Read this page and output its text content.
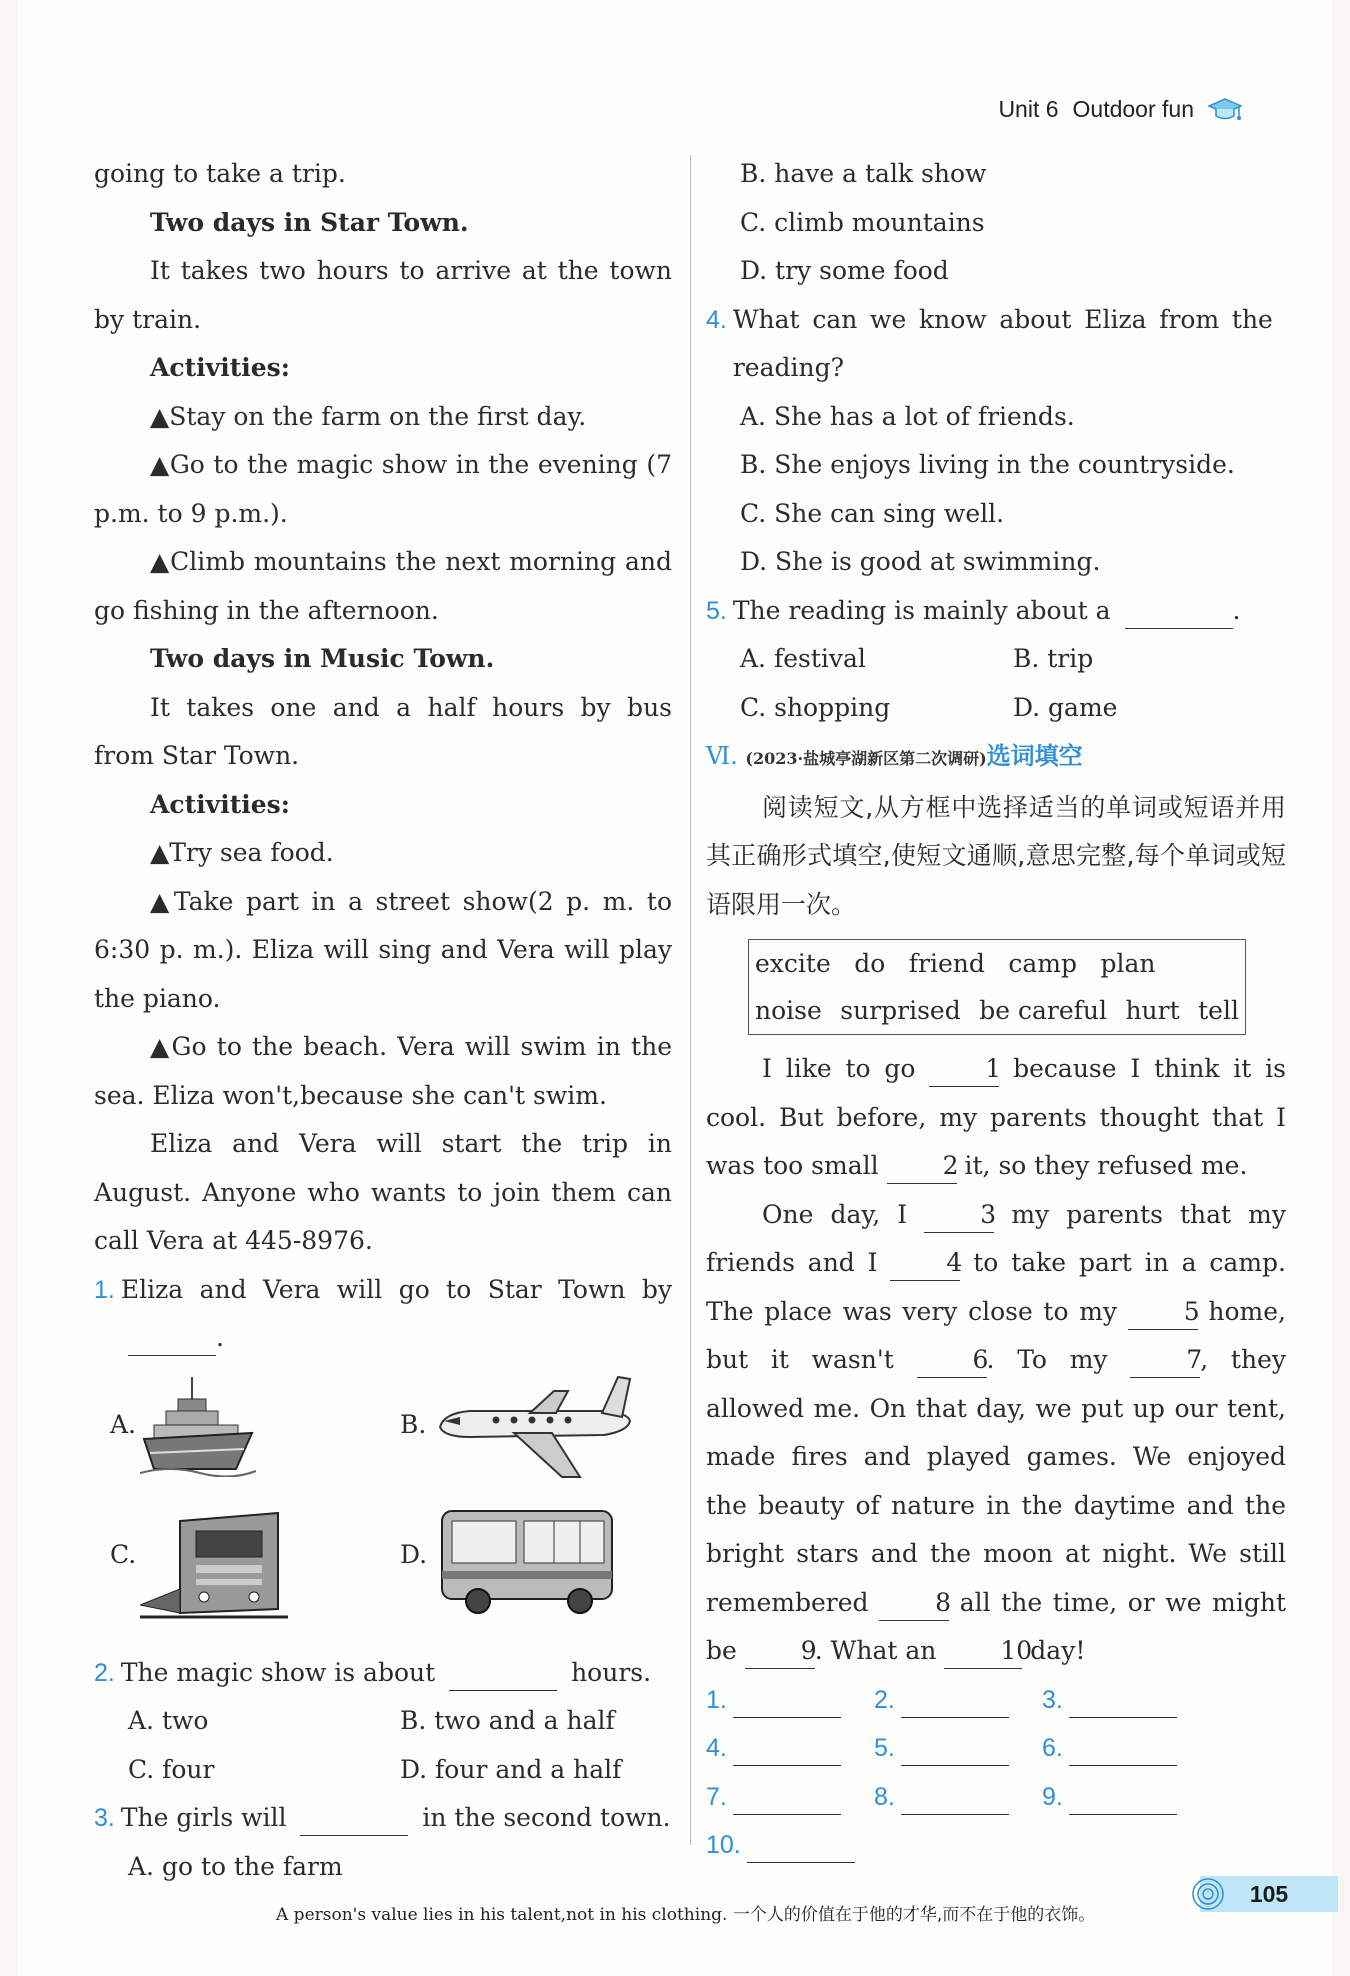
Unit 6 Outdoor fun

going to take a trip.

Two days in Star Town.

It takes two hours to arrive at the town by train.

Activities:

▲Stay on the farm on the first day.

▲Go to the magic show in the evening (7 p.m. to 9 p.m.).

▲Climb mountains the next morning and go fishing in the afternoon.

Two days in Music Town.

It takes one and a half hours by bus from Star Town.

Activities:

▲Try sea food.

▲Take part in a street show(2 p. m. to 6:30 p. m.). Eliza will sing and Vera will play the piano.

▲Go to the beach. Vera will swim in the sea. Eliza won't,because she can't swim.

Eliza and Vera will start the trip in August. Anyone who wants to join them can call Vera at 445-8976.

1. Eliza and Vera will go to Star Town by

.

A.	B.
C.	D.

2. The magic show is about	hours.

A. two	B. two and a half

C. four	D. four and a half

3. The girls will	in the second town.

A. go to the farm

B. have a talk show

C. climb mountains

D. try some food

4. What can we know about Eliza from the reading?

A. She has a lot of friends.

B. She enjoys living in the countryside.

C. She can sing well.

D. She is good at swimming.

5. The reading is mainly about a	.

A. festival	B. trip

C. shopping	D. game

Ⅵ. (2023·盐城亭湖新区第二次调研)选词填空

阅读短文,从方框中选择适当的单词或短语并用其正确形式填空,使短文通顺,意思完整,每个单词或短语限用一次。

excite do friend camp plan
noise surprised be careful hurt tell

I like to go	1 because I think it is cool. But before, my parents thought that I was too small	2 it, so they refused me.

One day, I	3 my parents that my friends and I	4 to take part in a camp. The place was very close to my	5 home, but it wasn't	6. To my	7, they allowed me. On that day, we put up our tent, made fires and played games. We enjoyed the beauty of nature in the daytime and the bright stars and the moon at night. We still remembered	8 all the time, or we might be	9. What an	10 day!

1.
	2.
	3.

4.
	5.
	6.

7.
	8.
	9.

10.

A person's value lies in his talent,not in his clothing. 一个人的价值在于他的才华,而不在于他的衣饰。
105
